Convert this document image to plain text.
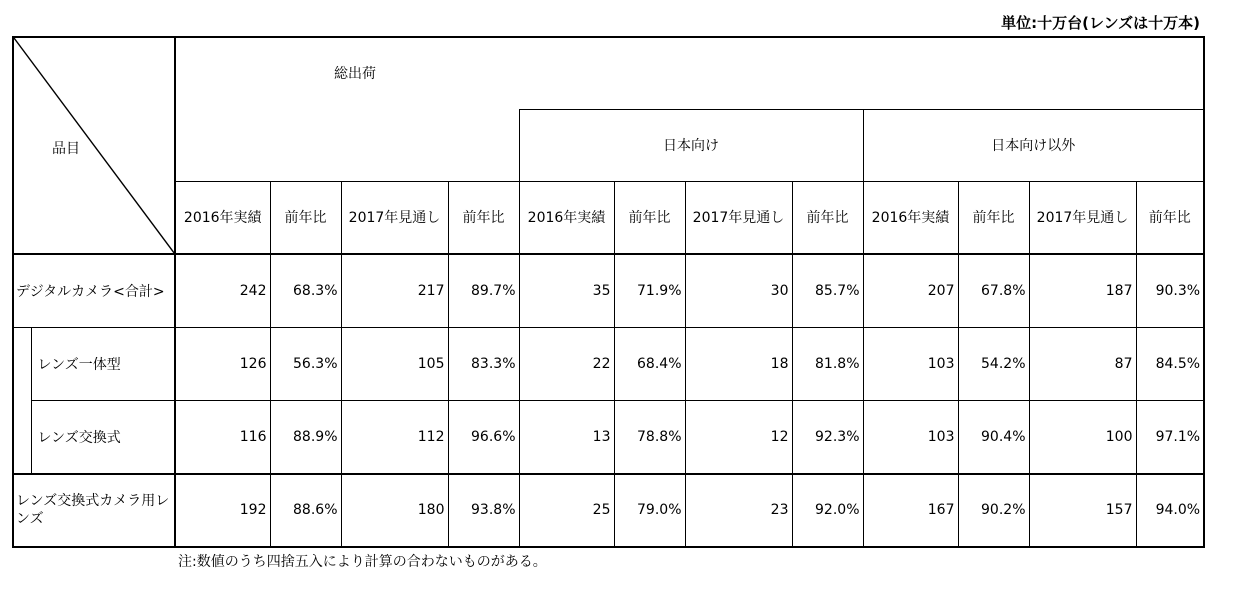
単位:十万台(レンズは十万本)
品目		総出荷											
						日本向け				日本向け以外			
		2016年実績	前年比	2017年見通し	前年比	2016年実績	前年比	2017年見通し	前年比	2016年実績	前年比	2017年見通し	前年比
デジタルカメラ<合計>		242	68.3%	217	89.7%	35	71.9%	30	85.7%	207	67.8%	187	90.3%
	レンズ一体型	126	56.3%	105	83.3%	22	68.4%	18	81.8%	103	54.2%	87	84.5%
	レンズ交換式	116	88.9%	112	96.6%	13	78.8%	12	92.3%	103	90.4%	100	97.1%
レンズ交換式カメラ用レンズ		192	88.6%	180	93.8%	25	79.0%	23	92.0%	167	90.2%	157	94.0%
注:数値のうち四捨五入により計算の合わないものがある。
